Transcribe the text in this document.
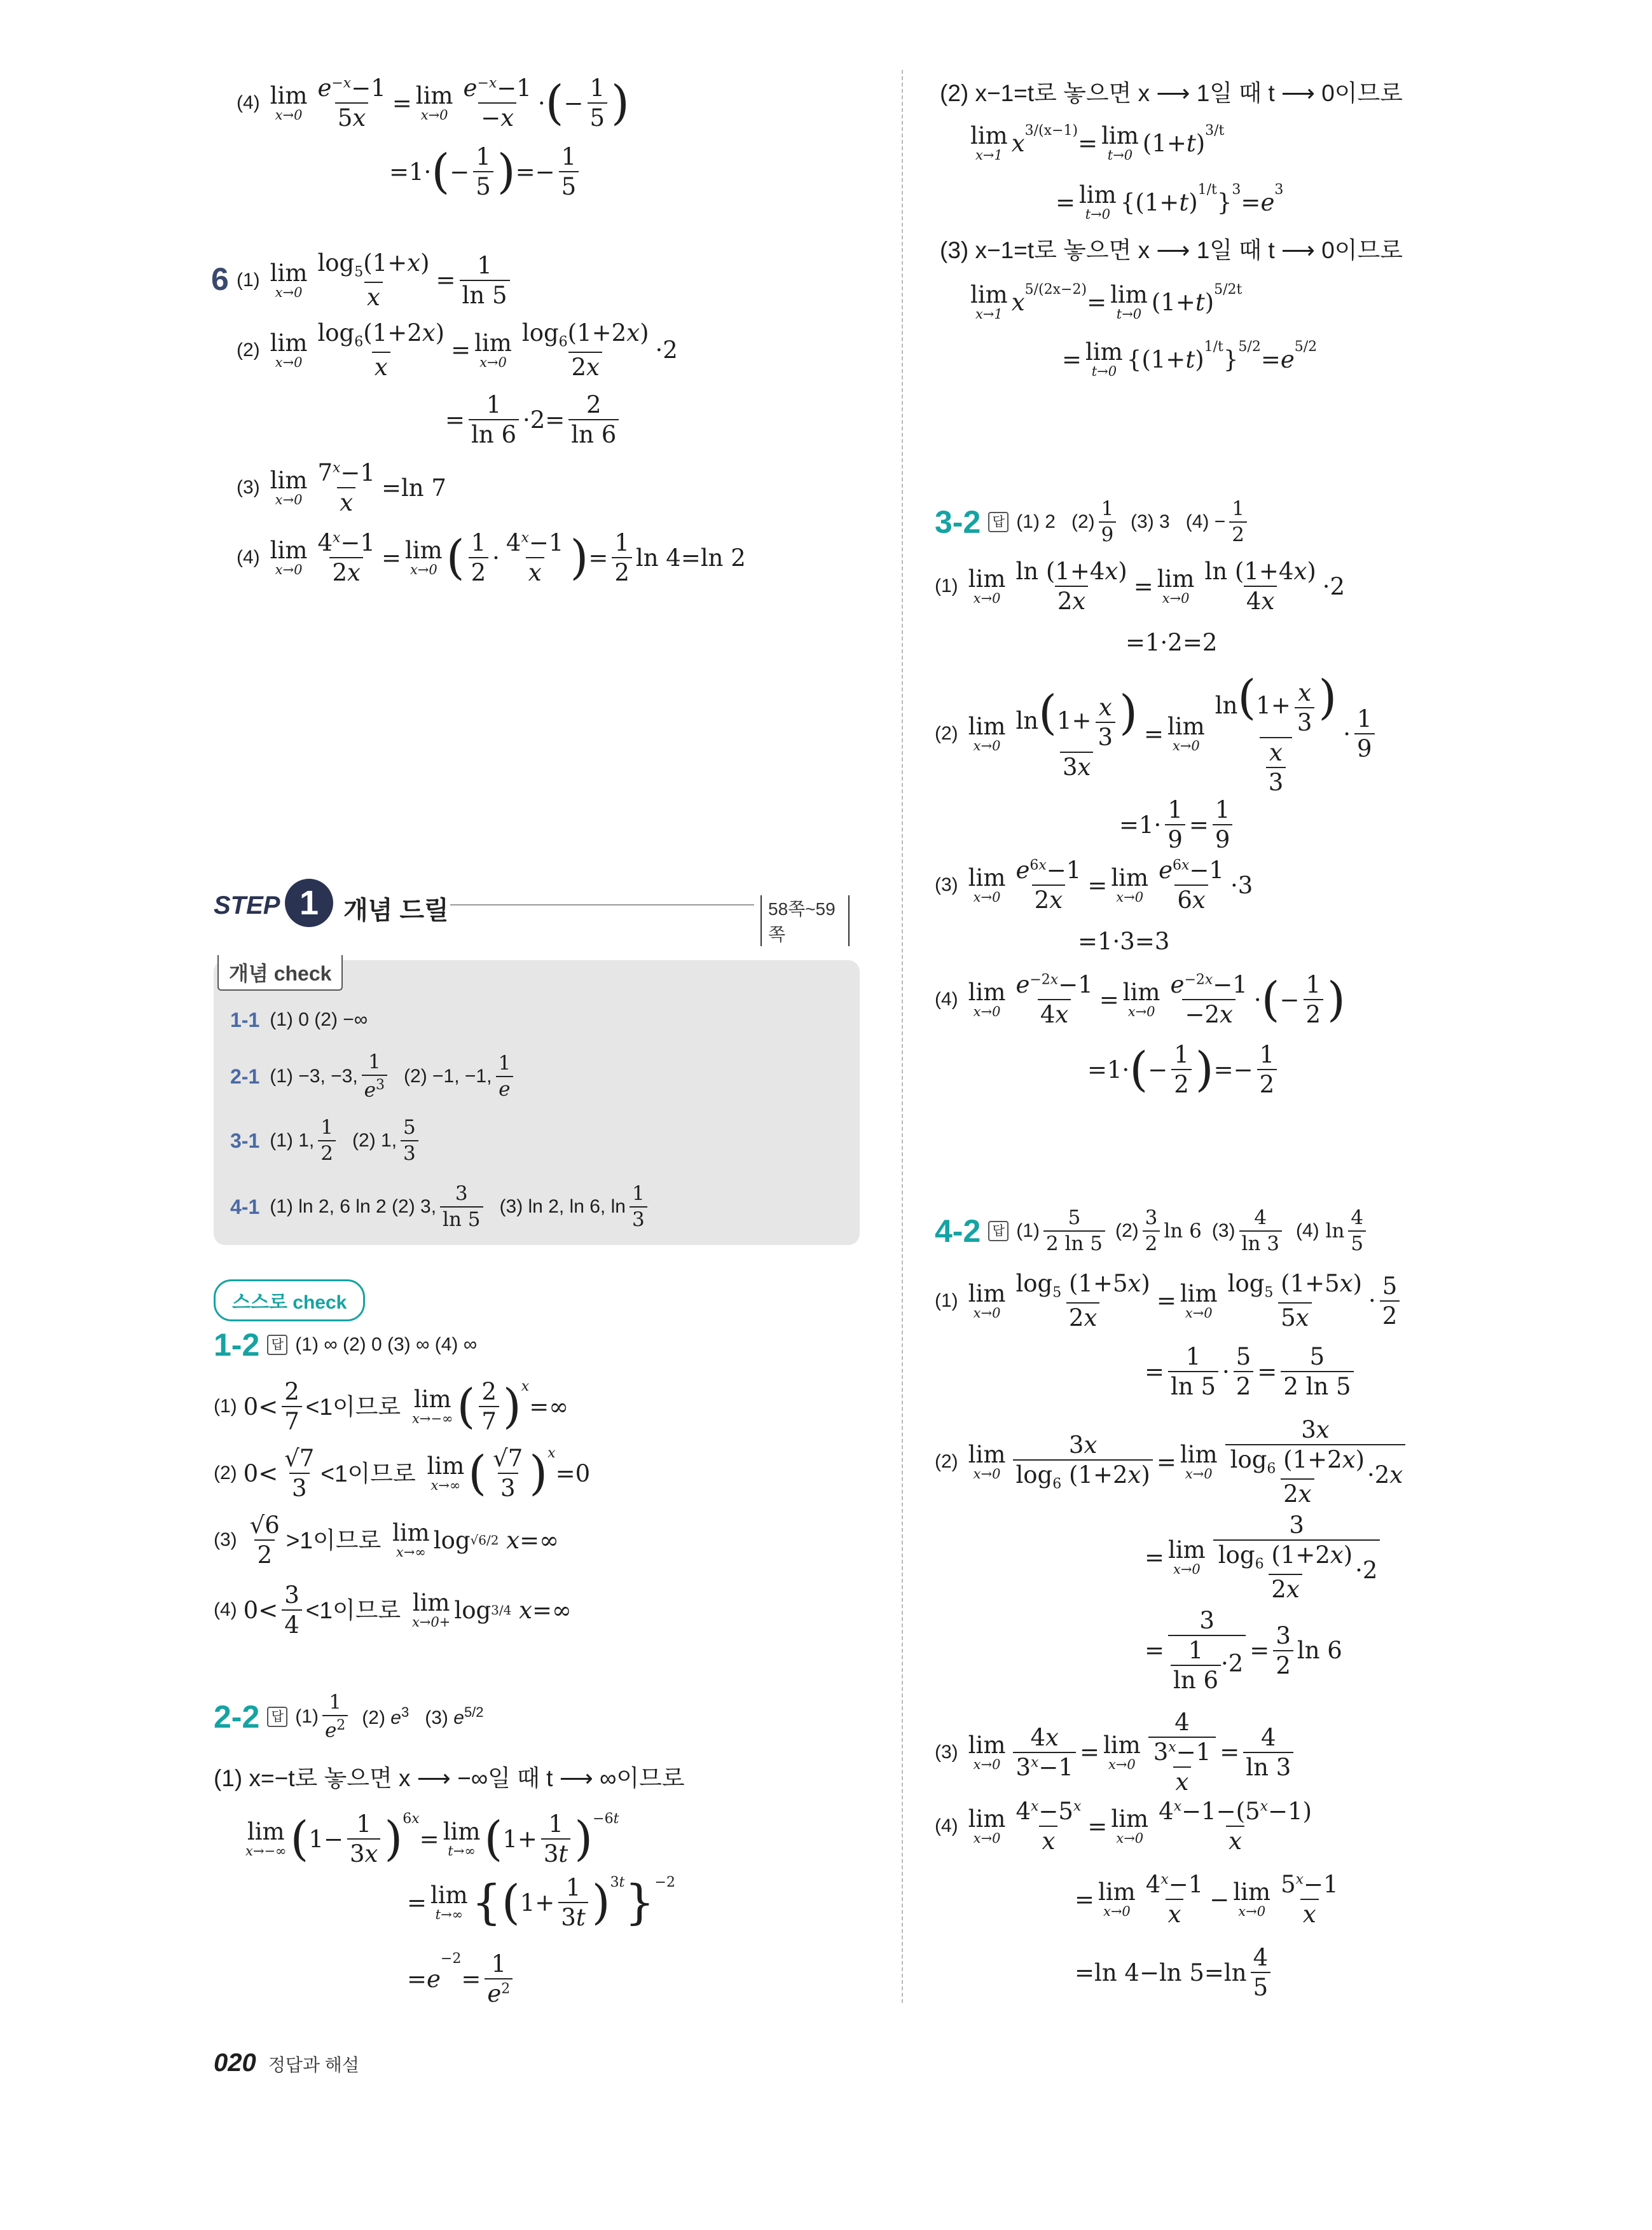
(4) lim
x→0
$e^{-x}-1$
5x
= lim
x→0
$e^{-x}-1$
−x
· ( −
1
5 )
=1· ( −
1
5 ) =−
1
5
6 (1) lim
x→0
$\log_5(1+x)$
x
=
1
ln 5
(2) lim
x→0
$\log_6(1+2x)$
x
= lim
x→0
$\log_6(1+2x)$
2x
·2
=
1
ln 6
·2=
2
ln 6
(3) lim
$x\to 0 \frac{7^x-1}{x} =\ln$ 7
(4) lim
x→0
$4^x-1$
2x
= lim
x→0 ( 1
2
·
$4^x-1$
x ) =
1
2
ln 4=ln 2
STEP 1 개념 드릴	58쪽~59쪽
개념 check
1-1 (1) 0 (2) −∞
2-1 (1) −3, −3,
1
$e^3$ (2) −1, −1,
1
e
3-1 (1) 1,
1
2
(2) 1,
5
3
4-1 (1) ln 2, 6 ln 2 (2) 3,
3
ln 5
(3) ln 2, ln 6, ln
1
3
스스로 check
1-2 답 (1) ∞ (2) 0 (3) ∞ (4) ∞
(1) 0<
2
7
<1이므로
lim
x→−∞ ( 2
7 ) $^x$
=∞
(2) 0<
√7
3
<1이므로
lim
x→∞ ( √7
3 ) $^x$
=0
(3)
√6
2
>1이므로
lim
x→∞ log √6/2
x =∞
(4) 0<
3
4
<1이므로
lim
x→0+ log 3/4
x =∞
2-2 답 (1)
1
$e^2$ (2) $e^3$   (3) $e^{5/2}$
(1) x=−t로 놓으면 x ⟶ −∞일 때 t ⟶ ∞이므로
lim
x→−∞ ( 1−
1
3x )$^{6x}$
= lim
t→∞ ( 1+
1
3t )$^{-6t}$
= lim
t→∞ { ( 1+
1
3t )$^{3t}$ }$^{-2}$
= e
−2
=
1
$e^2$
(2) x−1=t로 놓으면 x ⟶ 1일 때 t ⟶ 0이므로
lim
x→1 $x^{3/(x-1)} = \lim$
t→0 (1+ t )$^{3/t}$
= lim
t→0 {(1+ t )$^{1/t}$ } $3 = e^3$
(3) x−1=t로 놓으면 x ⟶ 1일 때 t ⟶ 0이므로
lim
x→1 $x^{5/(2x-2)} = \lim$
t→0 (1+ t )$^{5/2t}$
= lim
t→0 {(1+ t )$^{1/t}$ } $5/2 = e^{5/2}$
3-2 답 (1) 2   (2)
1
9
(3) 3   $(4) - \frac{1}{2}$
(1) lim
x→0
ln (1+4x)
2x
= lim
x→0
ln (1+4x)
4x
·2
=1·2=2
(2) lim
x→0
$\ln(1+ \frac{x}{3}$ )
3x
= lim
x→0
$\ln(1+ \frac{x}{3}$ )
$\frac{x}{3}$
·
1
9
=1·
1
9
=
1
9
(3) lim
x→0
$e^{6x}-1$
2x
= lim
x→0
$e^{6x}-1$
6x
·3
=1·3=3
(4) lim
x→0
$e^{-2x}-1$
4x
= lim
x→0
$e^{-2x}-1$
−2x
· ( −
1
2 )
=1· ( −
1
2 ) =−
1
2
4-2 답 (1)
5
2 ln 5
(2)
3
2
ln 6 (3)
4
ln 3
(4) ln
4
5
(1) lim
x→0
$\log_5 (1+5x)$
2x
= lim
x→0
$\log_5 (1+5x)$
5x
·
5
2
=
1
ln 5
·
5
2
=
5
2 ln 5
(2) lim
x→0
3x
$\log_6 (1+2x) = \lim$
x→0
3x
$\frac{\log_6 (1+2x)}{2x} \cdot 2x$
= lim
x→0
3
$\frac{\log_6 (1+2x)}{2x} \cdot 2$
=
3
$\frac{1}{\ln 6} \cdot 2$ =
3
2
ln 6
(3) lim
x→0
4x
$3^x-1$
= lim
x→0
4
$\frac{3^x-1}{x}$ =
4
ln 3
(4) lim
x→0
$4^x-5^x$
x
= lim
x→0
$4^x-1-(5^x-1)$
x
= lim
x→0
$4^x-1$
x
− lim
x→0
$5^x-1$
x
=ln 4−ln 5=ln
4
5
020 정답과 해설
